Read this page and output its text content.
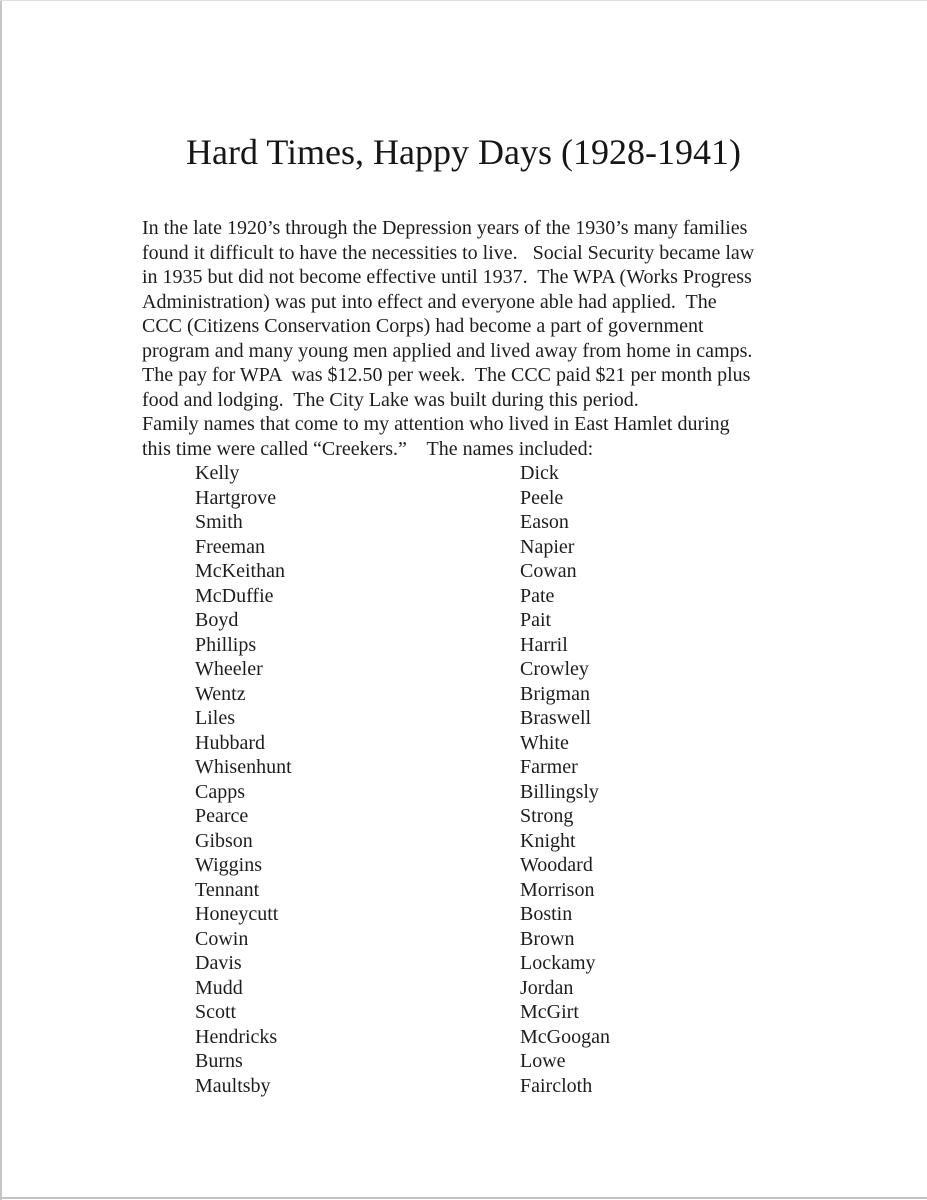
Hard Times, Happy Days (1928-1941)
In the late 1920’s through the Depression years of the 1930’s many families
found it difficult to have the necessities to live.   Social Security became law
in 1935 but did not become effective until 1937.  The WPA (Works Progress
Administration) was put into effect and everyone able had applied.  The
CCC (Citizens Conservation Corps) had become a part of government
program and many young men applied and lived away from home in camps.
The pay for WPA  was $12.50 per week.  The CCC paid $21 per month plus
food and lodging.  The City Lake was built during this period.
Family names that come to my attention who lived in East Hamlet during
this time were called “Creekers.”    The names included:
Kelly
Hartgrove
Smith
Freeman
McKeithan
McDuffie
Boyd
Phillips
Wheeler
Wentz
Liles
Hubbard
Whisenhunt
Capps
Pearce
Gibson
Wiggins
Tennant
Honeycutt
Cowin
Davis
Mudd
Scott
Hendricks
Burns
Maultsby
Dick
Peele
Eason
Napier
Cowan
Pate
Pait
Harril
Crowley
Brigman
Braswell
White
Farmer
Billingsly
Strong
Knight
Woodard
Morrison
Bostin
Brown
Lockamy
Jordan
McGirt
McGoogan
Lowe
Faircloth
